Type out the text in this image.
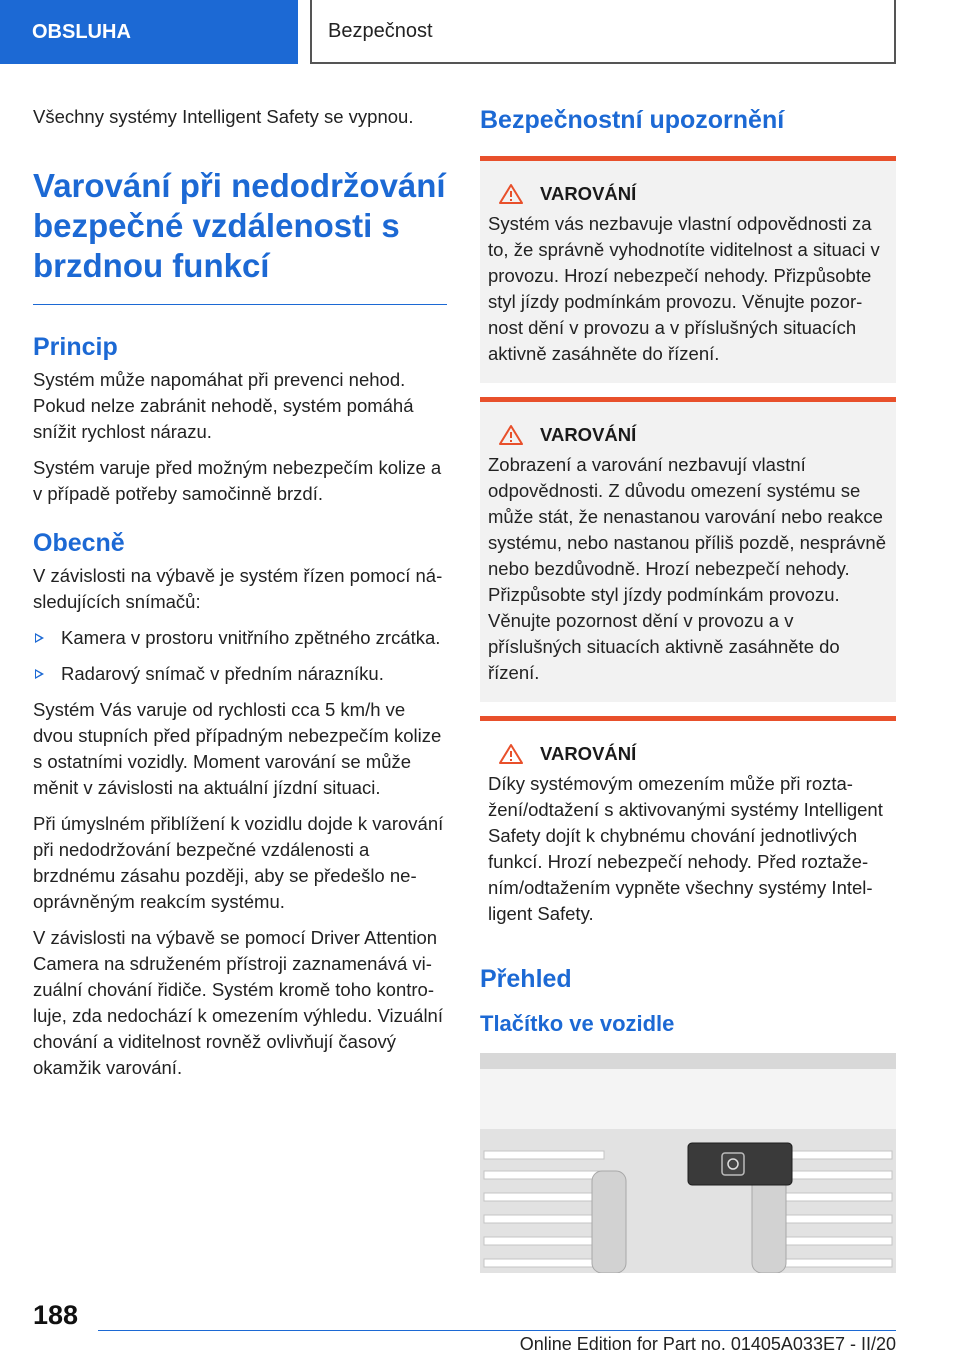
OBSLUHA	Bezpečnost

Všechny systémy Intelligent Safety se vypnou.

Varování při nedodržování bezpečné vzdálenosti s brzdnou funkcí
Princip

Systém může napomáhat při prevenci nehod. Pokud nelze zabránit nehodě, systém pomáhá snížit rychlost nárazu.

Systém varuje před možným nebezpečím kolize a v případě potřeby samočinně brzdí.

Obecně

V závislosti na výbavě je systém řízen pomocí následujících snímačů:

Kamera v prostoru vnitřního zpětného zrcátka.
Radarový snímač v předním nárazníku.

Systém Vás varuje od rychlosti cca 5 km/h ve dvou stupních před případným nebezpečím kolize s ostatními vozidly. Moment varování se může měnit v závislosti na aktuální jízdní situaci.

Při úmyslném přiblížení k vozidlu dojde k varování při nedodržování bezpečné vzdálenosti a brzdnému zásahu později, aby se předešlo neoprávněným reakcím systému.

V závislosti na výbavě se pomocí Driver Attention Camera na sdruženém přístroji zaznamenává vizuální chování řidiče. Systém kromě toho kontroluje, zda nedochází k omezením výhledu. Vizuální chování a viditelnost rovněž ovlivňují časový okamžik varování.

Bezpečnostní upozornění
VAROVÁNÍ

Systém vás nezbavuje vlastní odpovědnosti za to, že správně vyhodnotíte viditelnost a situaci v provozu. Hrozí nebezpečí nehody. Přizpůsobte styl jízdy podmínkám provozu. Věnujte pozornost dění v provozu a v příslušných situacích aktivně zasáhněte do řízení.

VAROVÁNÍ

Zobrazení a varování nezbavují vlastní odpovědnosti. Z důvodu omezení systému se může stát, že nenastanou varování nebo reakce systému, nebo nastanou příliš pozdě, nesprávně nebo bezdůvodně. Hrozí nebezpečí nehody. Přizpůsobte styl jízdy podmínkám provozu. Věnujte pozornost dění v provozu a v příslušných situacích aktivně zasáhněte do řízení.

VAROVÁNÍ

Díky systémovým omezením může při roztažení/odtažení s aktivovanými systémy Intelligent Safety dojít k chybnému chování jednotlivých funkcí. Hrozí nebezpečí nehody. Před roztažením/odtažením vypněte všechny systémy Intelligent Safety.

Přehled
Tlačítko ve vozidle
188
Online Edition for Part no. 01405A033E7 - II/20
